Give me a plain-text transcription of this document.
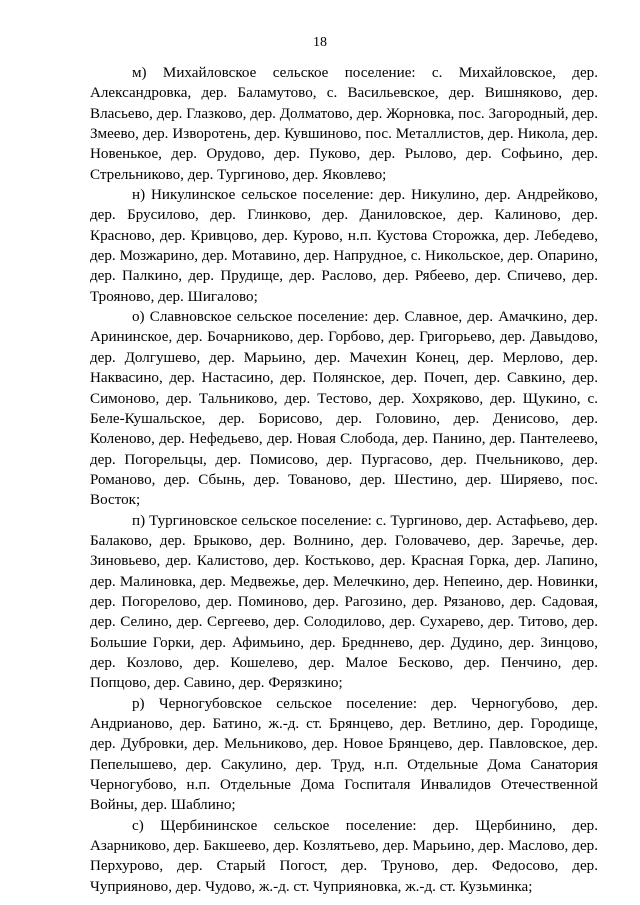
18

м) Михайловское сельское поселение: с. Михайловское, дер. Александровка, дер. Баламутово, с. Васильевское, дер. Вишняково, дер. Власьево, дер. Глазково, дер. Долматово, дер. Жорновка, пос. Загородный, дер. Змеево, дер. Изворотень, дер. Кувшиново, пос. Металлистов, дер. Никола, дер. Новенькое, дер. Орудово, дер. Пуково, дер. Рылово, дер. Софьино, дер. Стрельниково, дер. Тургиново, дер. Яковлево;

н) Никулинское сельское поселение: дер. Никулино, дер. Андрейково, дер. Брусилово, дер. Глинково, дер. Даниловское, дер. Калиново, дер. Красново, дер. Кривцово, дер. Курово, н.п. Кустова Сторожка, дер. Лебедево, дер. Мозжарино, дер. Мотавино, дер. Напрудное, с. Никольское, дер. Опарино, дер. Палкино, дер. Прудище, дер. Раслово, дер. Рябеево, дер. Спичево, дер. Трояново, дер. Шигалово;

о) Славновское сельское поселение: дер. Славное, дер. Амачкино, дер. Арининское, дер. Бочарниково, дер. Горбово, дер. Григорьево, дер. Давыдово, дер. Долгушево, дер. Марьино, дер. Мачехин Конец, дер. Мерлово, дер. Наквасино, дер. Настасино, дер. Полянское, дер. Почеп, дер. Савкино, дер. Симоново, дер. Тальниково, дер. Тестово, дер. Хохряково, дер. Щукино, с. Беле-Кушальское, дер. Борисово, дер. Головино, дер. Денисово, дер. Коленово, дер. Нефедьево, дер. Новая Слобода, дер. Панино, дер. Пантелеево, дер. Погорельцы, дер. Помисово, дер. Пургасово, дер. Пчельниково, дер. Романово, дер. Сбынь, дер. Тованово, дер. Шестино, дер. Ширяево, пос. Восток;

п) Тургиновское сельское поселение: с. Тургиново, дер. Астафьево, дер. Балаково, дер. Брыково, дер. Волнино, дер. Головачево, дер. Заречье, дер. Зиновьево, дер. Калистово, дер. Костьково, дер. Красная Горка, дер. Лапино, дер. Малиновка, дер. Медвежье, дер. Мелечкино, дер. Непеино, дер. Новинки, дер. Погорелово, дер. Поминово, дер. Рагозино, дер. Рязаново, дер. Садовая, дер. Селино, дер. Сергеево, дер. Солодилово, дер. Сухарево, дер. Титово, дер. Большие Горки, дер. Афимьино, дер. Бредннево, дер. Дудино, дер. Зинцово, дер. Козлово, дер. Кошелево, дер. Малое Бесково, дер. Пенчино, дер. Попцово, дер. Савино, дер. Ферязкино;

р) Черногубовское сельское поселение: дер. Черногубово, дер. Андрианово, дер. Батино, ж.-д. ст. Брянцево, дер. Ветлино, дер. Городище, дер. Дубровки, дер. Мельниково, дер. Новое Брянцево, дер. Павловское, дер. Пепелышево, дер. Сакулино, дер. Труд, н.п. Отдельные Дома Санатория Черногубово, н.п. Отдельные Дома Госпиталя Инвалидов Отечественной Войны, дер. Шаблино;

с) Щербининское сельское поселение: дер. Щербинино, дер. Азарниково, дер. Бакшеево, дер. Козлятьево, дер. Марьино, дер. Маслово, дер. Перхурово, дер. Старый Погост, дер. Труново, дер. Федосово, дер. Чуприяново, дер. Чудово, ж.-д. ст. Чуприяновка, ж.-д. ст. Кузьминка;
